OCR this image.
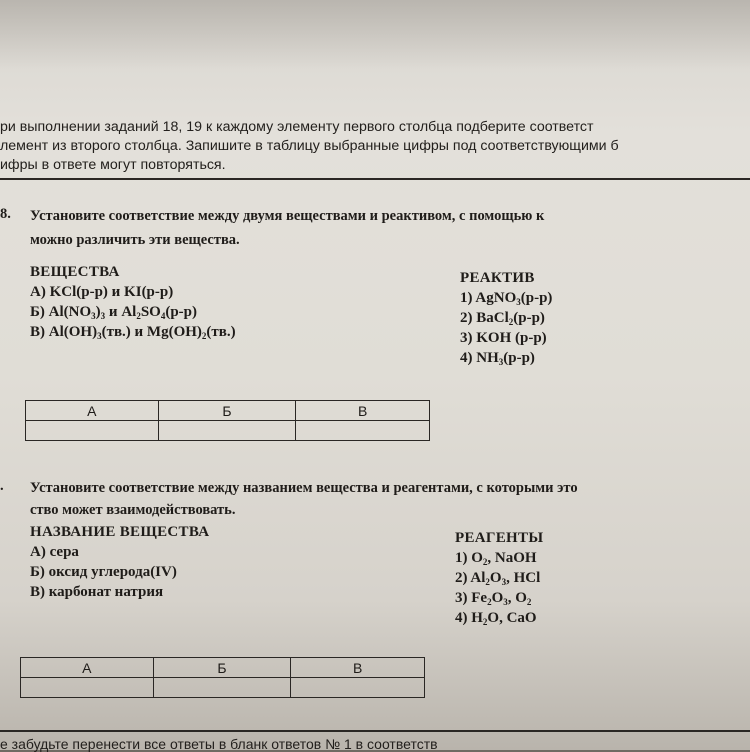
ри выполнении заданий 18, 19 к каждому элементу первого столбца подберите соответст
лемент из второго столбца. Запишите в таблицу выбранные цифры под соответствующими б
ифры в ответе могут повторяться.
8. Установите соответствие между двумя веществами и реактивом, с помощью к
можно различить эти вещества.
ВЕЩЕСТВА
А) KCl(р-р) и KI(р-р)
Б) $Al(NO_3)_3$ и $Al_2SO_4(р-р)$
В) $Al(OH)_3(тв.)$ и $Mg(OH)_2(тв.)$
РЕАКТИВ
1) AgNO$_3$(р-р)
2) BaCl$_2$(р-р)
3) KOH (р-р)
4) $NH_3(р-р)$
А	Б	В

. Установите соответствие между названием вещества и реагентами, с которыми это
ство может взаимодействовать.
НАЗВАНИЕ ВЕЩЕСТВА
А) сера
Б) оксид углерода(IV)
В) карбонат натрия
РЕАГЕНТЫ
1) $O_2$, NaOH
2) $Al_2O_3$, HCl
3) $Fe_2O_3$, $O_2$
4) $H_2O$, CaO
А	Б	В

е забудьте перенести все ответы в бланк ответов № 1 в соответств
